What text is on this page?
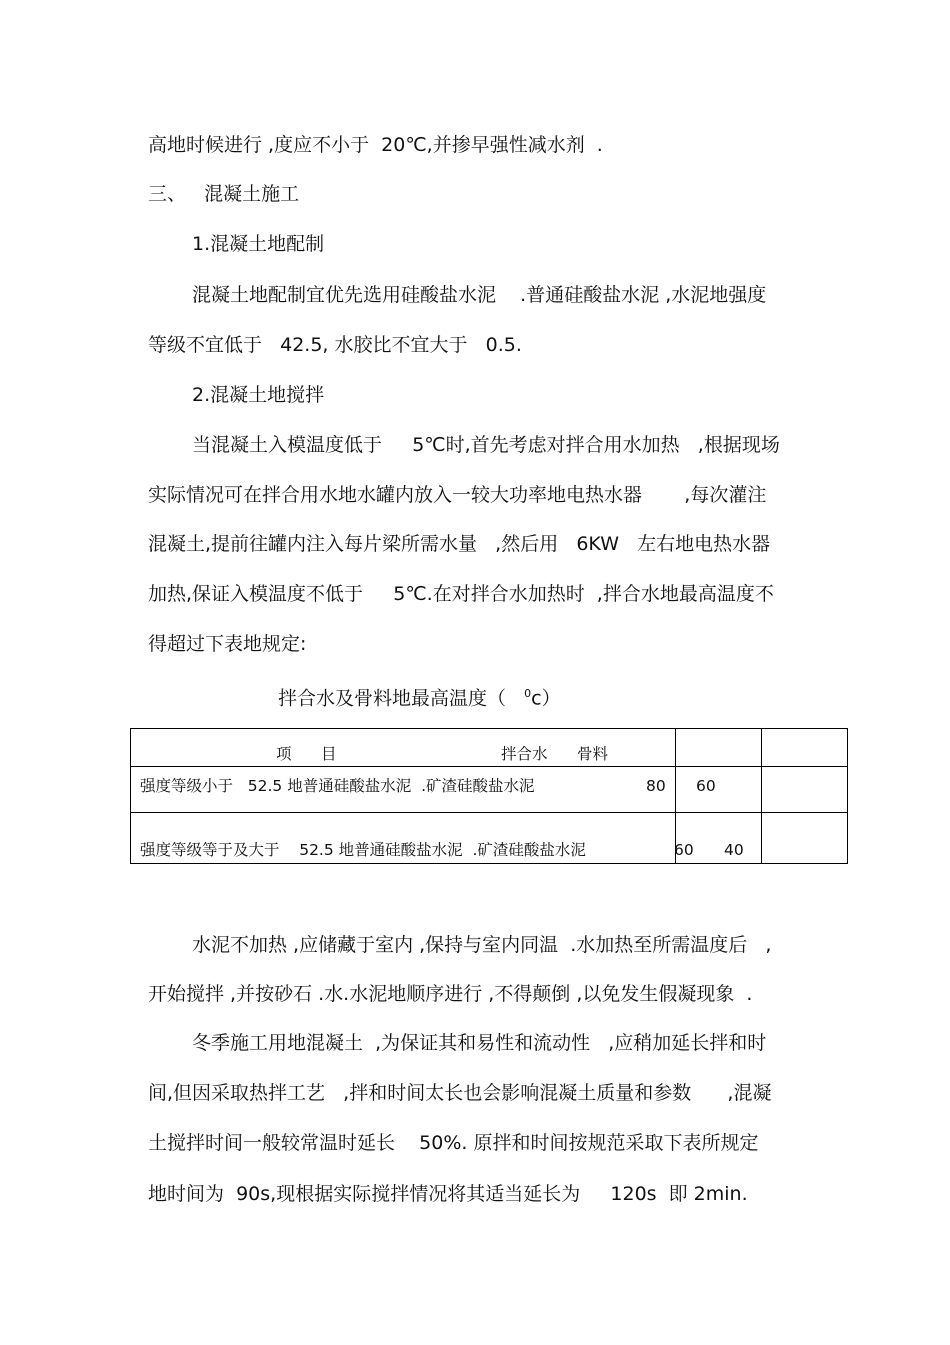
高地时候进行 ,度应不小于  20℃,并掺早强性减水剂  .
三、   混凝土施工
1.混凝土地配制
混凝土地配制宜优先选用硅酸盐水泥    .普通硅酸盐水泥 ,水泥地强度
等级不宜低于   42.5, 水胶比不宜大于   0.5.
2.混凝土地搅拌
当混凝土入模温度低于     5℃时,首先考虑对拌合用水加热   ,根据现场
实际情况可在拌合用水地水罐内放入一较大功率地电热水器       ,每次灌注
混凝土,提前往罐内注入每片梁所需水量   ,然后用   6KW   左右地电热水器
加热,保证入模温度不低于     5℃.在对拌合水加热时  ,拌合水地最高温度不
得超过下表地规定:
拌合水及骨料地最高温度（   $^0$c）
项      目	拌合水 骨料
强度等级小于   52.5 地普通硅酸盐水泥  .矿渣硅酸盐水泥	80 60
强度等级等于及大于    52.5 地普通硅酸盐水泥  .矿渣硅酸盐水泥	60 40
水泥不加热 ,应储藏于室内 ,保持与室内同温  .水加热至所需温度后   ,
开始搅拌 ,并按砂石 .水.水泥地顺序进行 ,不得颠倒 ,以免发生假凝现象  .
冬季施工用地混凝土  ,为保证其和易性和流动性   ,应稍加延长拌和时
间,但因采取热拌工艺   ,拌和时间太长也会影响混凝土质量和参数      ,混凝
土搅拌时间一般较常温时延长    50%. 原拌和时间按规范采取下表所规定
地时间为  90s,现根据实际搅拌情况将其适当延长为     120s  即 2min.
